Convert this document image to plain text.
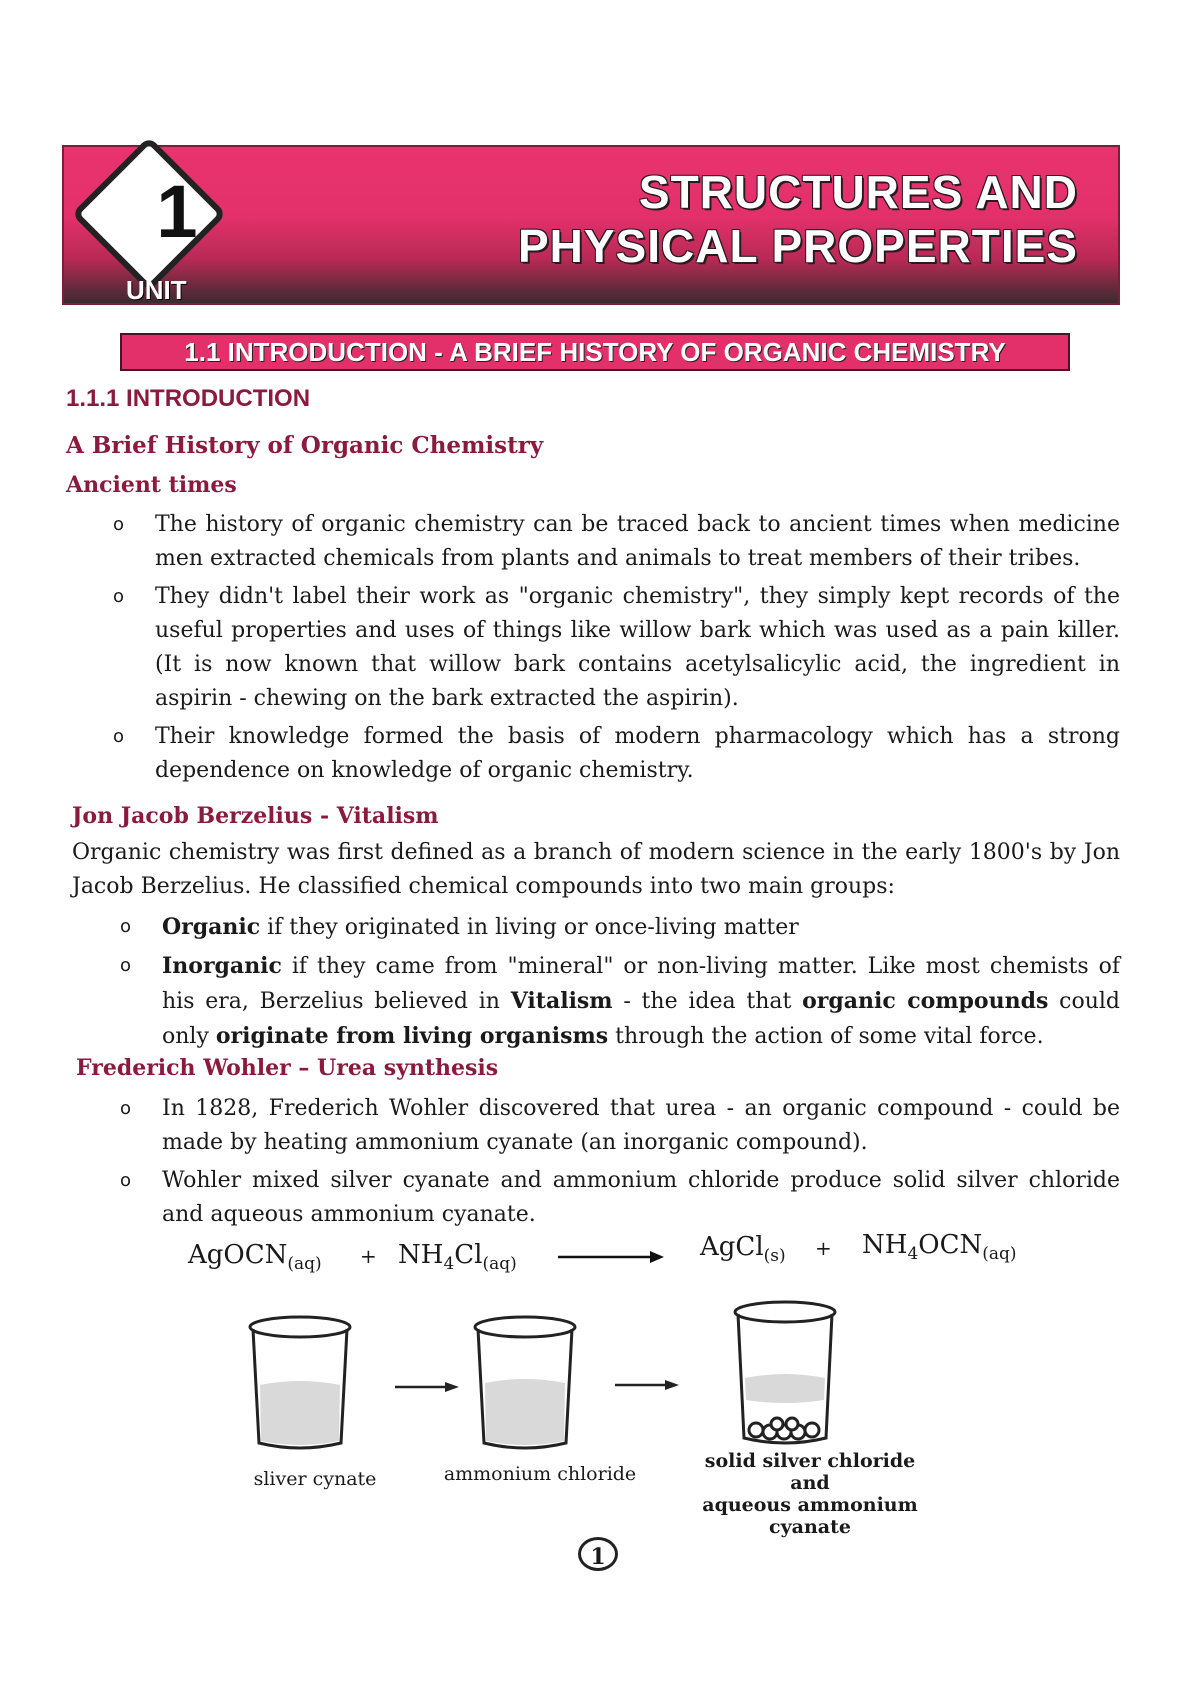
1
UNIT
STRUCTURES AND
PHYSICAL PROPERTIES
1.1 INTRODUCTION - A BRIEF HISTORY OF ORGANIC CHEMISTRY
1.1.1 INTRODUCTION
A Brief History of Organic Chemistry
Ancient times
o The history of organic chemistry can be traced back to ancient times when medicine men extracted chemicals from plants and animals to treat members of their tribes.
o They didn't label their work as "organic chemistry", they simply kept records of the useful properties and uses of things like willow bark which was used as a pain killer. (It is now known that willow bark contains acetylsalicylic acid, the ingredient in aspirin - chewing on the bark extracted the aspirin).
o Their knowledge formed the basis of modern pharmacology which has a strong dependence on knowledge of organic chemistry.
Jon Jacob Berzelius - Vitalism
Organic chemistry was first defined as a branch of modern science in the early 1800's by Jon Jacob Berzelius. He classified chemical compounds into two main groups:
o Organic if they originated in living or once-living matter
o Inorganic if they came from "mineral" or non-living matter. Like most chemists of his era, Berzelius believed in Vitalism - the idea that organic compounds could only originate from living organisms through the action of some vital force.
Frederich Wohler – Urea synthesis
o In 1828, Frederich Wohler discovered that urea - an organic compound - could be made by heating ammonium cyanate (an inorganic compound).
o Wohler mixed silver cyanate and ammonium chloride produce solid silver chloride and aqueous ammonium cyanate.
AgOCN$_{(aq)}$ + $NH_4Cl_{(aq)}$
AgCl$_{(s)}$ + $NH_4OCN_{(aq)}$
sliver cynate	ammonium chloride
solid silver chloride
and
aqueous ammonium cyanate
1
